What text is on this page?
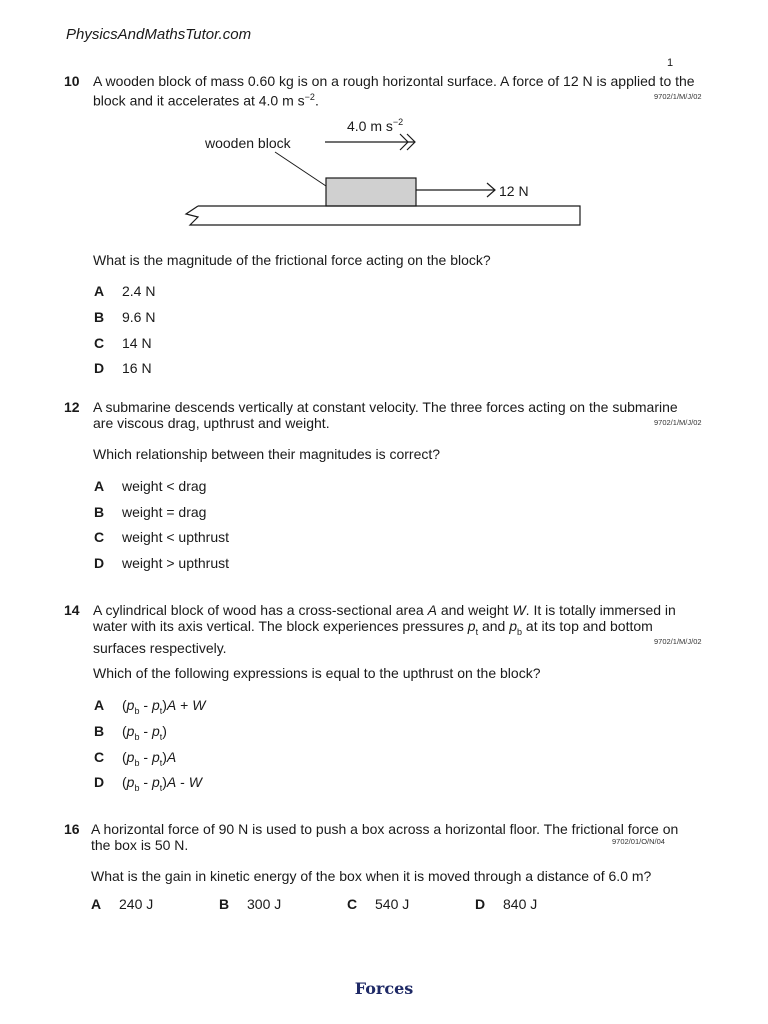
PhysicsAndMathsTutor.com
1
10 A wooden block of mass 0.60 kg is on a rough horizontal surface. A force of 12 N is applied to the
block and it accelerates at 4.0 m $s^{-2}$.	9702/1/M/J/02
wooden block
4.0 m $s^{-2}$
12 N
What is the magnitude of the frictional force acting on the block?
12 A submarine descends vertically at constant velocity. The three forces acting on the submarine
are viscous drag, upthrust and weight.	9702/1/M/J/02
Which relationship between their magnitudes is correct?
14 A cylindrical block of wood has a cross-sectional area A and weight W. It is totally immersed in
water with its axis vertical. The block experiences pressures $p_t$ and $p_b$ at its top and bottom
surfaces respectively.	9702/1/M/J/02
Which of the following expressions is equal to the upthrust on the block?
16 A horizontal force of 90 N is used to push a box across a horizontal floor. The frictional force on
the box is 50 N.	9702/01/O/N/04
What is the gain in kinetic energy of the box when it is moved through a distance of 6.0 m?
Forces
A 2.4 N
B 9.6 N
C 14 N
D 16 N
A weight < drag
B weight = drag
C weight < upthrust
D weight > upthrust
A $(p_b - p_t)A + W$
B $(p_b - p_t)$
C $(p_b - p_t)A$
D $(p_b - p_t)A$ - W
A 240 J	B 300 J	C 540 J	D 840 J
